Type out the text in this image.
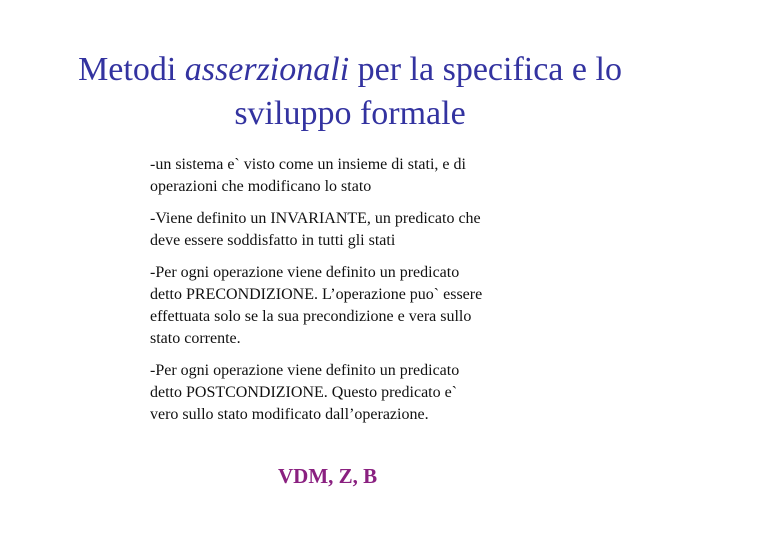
Metodi asserzionali per la specifica e lo
sviluppo formale

-un sistema e` visto come un insieme di stati, e di
operazioni che modificano lo stato

-Viene definito un INVARIANTE, un predicato che
deve essere soddisfatto in tutti gli stati

-Per ogni operazione viene definito un predicato
detto PRECONDIZIONE. L’operazione puo` essere
effettuata solo se la sua precondizione e vera sullo
stato corrente.

-Per ogni operazione viene definito un predicato
detto POSTCONDIZIONE. Questo predicato e`
vero sullo stato modificato dall’operazione.

VDM, Z, B
